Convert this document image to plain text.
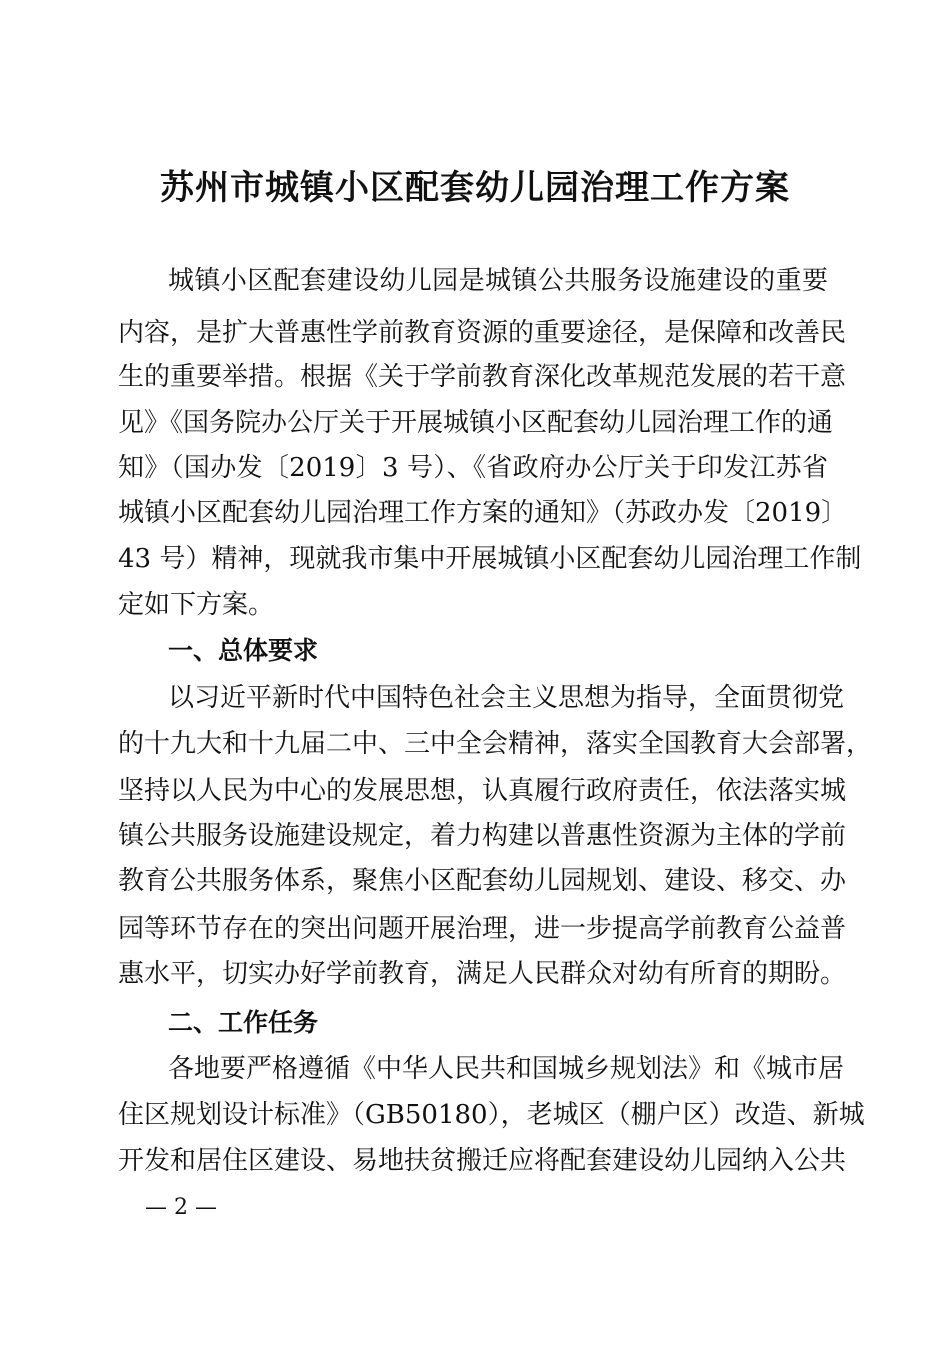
苏州市城镇小区配套幼儿园治理工作方案
城镇小区配套建设幼儿园是城镇公共服务设施建设的重要
内容，是扩大普惠性学前教育资源的重要途径，是保障和改善民
生的重要举措。根据《关于学前教育深化改革规范发展的若干意
见》《国务院办公厅关于开展城镇小区配套幼儿园治理工作的通
知》（国办发〔2019〕3 号）、《省政府办公厅关于印发江苏省
城镇小区配套幼儿园治理工作方案的通知》（苏政办发〔2019〕
43 号）精神，现就我市集中开展城镇小区配套幼儿园治理工作制
定如下方案。
一、总体要求
以习近平新时代中国特色社会主义思想为指导，全面贯彻党
的十九大和十九届二中、三中全会精神，落实全国教育大会部署，
坚持以人民为中心的发展思想，认真履行政府责任，依法落实城
镇公共服务设施建设规定，着力构建以普惠性资源为主体的学前
教育公共服务体系，聚焦小区配套幼儿园规划、建设、移交、办
园等环节存在的突出问题开展治理，进一步提高学前教育公益普
惠水平，切实办好学前教育，满足人民群众对幼有所育的期盼。
二、工作任务
各地要严格遵循《中华人民共和国城乡规划法》和《城市居
住区规划设计标准》（GB50180），老城区（棚户区）改造、新城
开发和居住区建设、易地扶贫搬迁应将配套建设幼儿园纳入公共
— 2 —
